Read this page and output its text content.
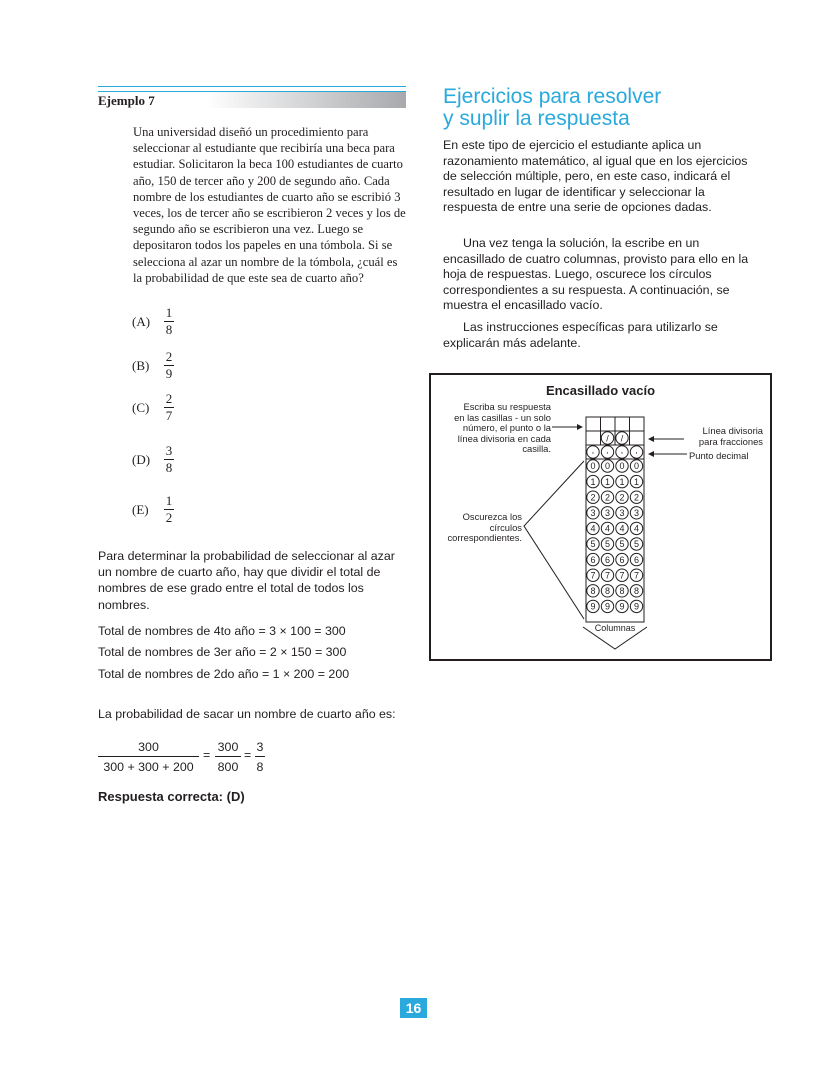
Ejemplo 7
Una universidad diseñó un procedimiento para seleccionar al estudiante que recibiría una beca para estudiar. Solicitaron la beca 100 estudiantes de cuarto año, 150 de tercer año y 200 de segundo año. Cada nombre de los estudiantes de cuarto año se escribió 3 veces, los de tercer año se escribieron 2 veces y los de segundo año se escribieron una vez. Luego se depositaron todos los papeles en una tómbola. Si se selecciona al azar un nombre de la tómbola, ¿cuál es la probabilidad de que este sea de cuarto año?
$(A) \frac{1}{8}$
$(B) \frac{2}{9}$
$(C) \frac{2}{7}$
$(D) \frac{3}{8}$
$(E) \frac{1}{2}$
Para determinar la probabilidad de seleccionar al azar un nombre de cuarto año, hay que dividir el total de nombres de ese grado entre el total de todos los nombres.
Total de nombres de 4to año = 3 × 100 = 300
Total de nombres de 3er año = 2 × 150 = 300
Total de nombres de 2do año = 1 × 200 = 200
La probabilidad de sacar un nombre de cuarto año es:
$\frac{300}{300 + 300 + 200} = \frac{300}{800} = \frac{3}{8}$
Respuesta correcta: (D)
Ejercicios para resolver
y suplir la respuesta
En este tipo de ejercicio el estudiante aplica un razonamiento matemático, al igual que en los ejercicios de selección múltiple, pero, en este caso, indicará el resultado en lugar de identificar y seleccionar la respuesta de entre una serie de opciones dadas.
Una vez tenga la solución, la escribe en un encasillado de cuatro columnas, provisto para ello en la hoja de respuestas. Luego, oscurece los círculos correspondientes a su respuesta. A continuación, se muestra el encasillado vacío.
Las instrucciones específicas para utilizarlo se explicarán más adelante.
Encasillado vacío
Escriba su respuesta
en las casillas - un solo
número, el punto o la
línea divisoria en cada
casilla.
Línea divisoria
para fracciones
Punto decimal
Oscurezca los
círculos
correspondientes.
/ /
· · · ·
0 0 0 0
1 1 1 1
2 2 2 2
3 3 3 3
4 4 4 4
5 5 5 5
6 6 6 6
7 7 7 7
8 8 8 8
9 9 9 9
Columnas
16
